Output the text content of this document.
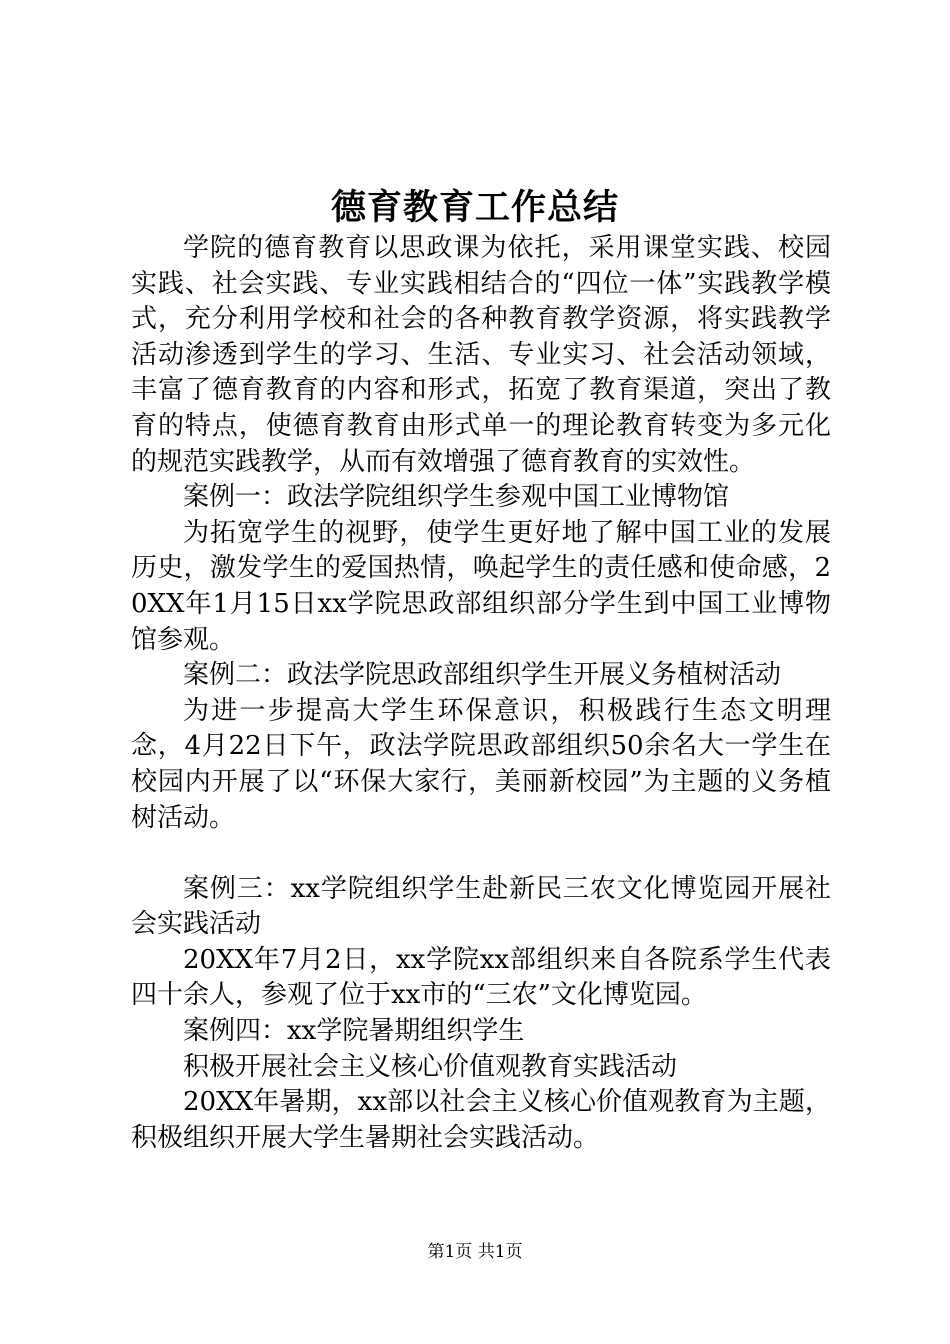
德育教育工作总结

学院的德育教育以思政课为依托，采用课堂实践、校园实践、社会实践、专业实践相结合的“四位一体”实践教学模式，充分利用学校和社会的各种教育教学资源，将实践教学活动渗透到学生的学习、生活、专业实习、社会活动领域，丰富了德育教育的内容和形式，拓宽了教育渠道，突出了教育的特点，使德育教育由形式单一的理论教育转变为多元化的规范实践教学，从而有效增强了德育教育的实效性。

案例一：政法学院组织学生参观中国工业博物馆

为拓宽学生的视野，使学生更好地了解中国工业的发展历史，激发学生的爱国热情，唤起学生的责任感和使命感，20XX年1月15日xx学院思政部组织部分学生到中国工业博物馆参观。

案例二：政法学院思政部组织学生开展义务植树活动

为进一步提高大学生环保意识，积极践行生态文明理念，4月22日下午，政法学院思政部组织50余名大一学生在校园内开展了以“环保大家行，美丽新校园”为主题的义务植树活动。

案例三：xx学院组织学生赴新民三农文化博览园开展社会实践活动

20XX年7月2日，xx学院xx部组织来自各院系学生代表四十余人，参观了位于xx市的“三农”文化博览园。

案例四：xx学院暑期组织学生

积极开展社会主义核心价值观教育实践活动

20XX年暑期，xx部以社会主义核心价值观教育为主题，积极组织开展大学生暑期社会实践活动。

第1页 共1页
